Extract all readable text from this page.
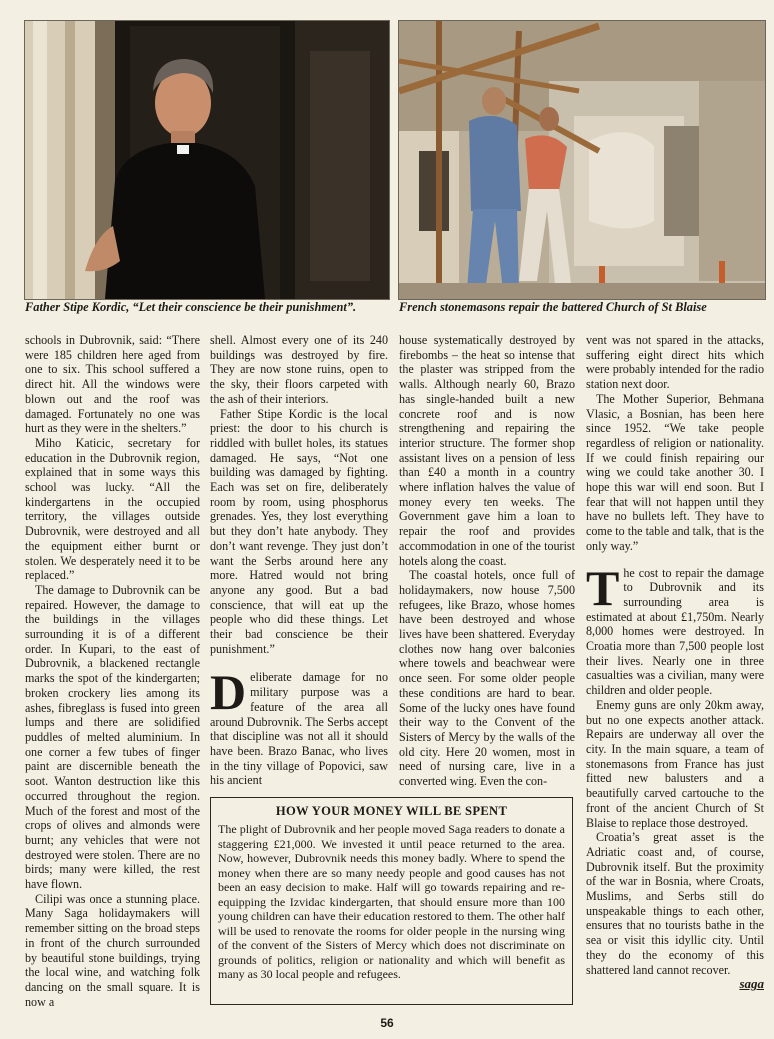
Father Stipe Kordic, “Let their conscience be their punishment”.	French stonemasons repair the battered Church of St Blaise

schools in Dubrovnik, said: “There were 185 children here aged from one to six. This school suffered a direct hit. All the windows were blown out and the roof was damaged. Fortunately no one was hurt as they were in the shelters.”

Miho Katicic, secretary for education in the Dubrovnik region, explained that in some ways this school was lucky. “All the kindergartens in the occupied territory, the villages outside Dubrovnik, were destroyed and all the equipment either burnt or stolen. We desperately need it to be replaced.”

The damage to Dubrovnik can be repaired. However, the damage to the buildings in the villages surrounding it is of a different order. In Kupari, to the east of Dubrovnik, a blackened rectangle marks the spot of the kindergarten; broken crockery lies among its ashes, fibreglass is fused into green lumps and there are solidified puddles of melted aluminium. In one corner a few tubes of finger paint are discernible beneath the soot. Wanton destruction like this occurred throughout the region. Much of the forest and most of the crops of olives and almonds were burnt; any vehicles that were not destroyed were stolen. There are no birds; many were killed, the rest have flown.

Cilipi was once a stunning place. Many Saga holidaymakers will remember sitting on the broad steps in front of the church surrounded by beautiful stone buildings, trying the local wine, and watching folk dancing on the small square. It is now a

shell. Almost every one of its 240 buildings was destroyed by fire. They are now stone ruins, open to the sky, their floors carpeted with the ash of their interiors.

Father Stipe Kordic is the local priest: the door to his church is riddled with bullet holes, its statues damaged. He says, “Not one building was damaged by fighting. Each was set on fire, deliberately room by room, using phosphorus grenades. Yes, they lost everything but they don’t hate anybody. They don’t want revenge. They just don’t want the Serbs around here any more. Hatred would not bring anyone any good. But a bad conscience, that will eat up the people who did these things. Let their bad conscience be their punishment.”

Deliberate damage for no military purpose was a feature of the area all around Dubrovnik. The Serbs accept that discipline was not all it should have been. Brazo Banac, who lives in the tiny village of Popovici, saw his ancient

house systematically destroyed by firebombs – the heat so intense that the plaster was stripped from the walls. Although nearly 60, Brazo has single-handed built a new concrete roof and is now strengthening and repairing the interior structure. The former shop assistant lives on a pension of less than £40 a month in a country where inflation halves the value of money every ten weeks. The Government gave him a loan to repair the roof and provides accommodation in one of the tourist hotels along the coast.

The coastal hotels, once full of holidaymakers, now house 7,500 refugees, like Brazo, whose homes have been destroyed and whose lives have been shattered. Everyday clothes now hang over balconies where towels and beachwear were once seen. For some older people these conditions are hard to bear. Some of the lucky ones have found their way to the Convent of the Sisters of Mercy by the walls of the old city. Here 20 women, most in need of nursing care, live in a converted wing. Even the con-

vent was not spared in the attacks, suffering eight direct hits which were probably intended for the radio station next door.

The Mother Superior, Behmana Vlasic, a Bosnian, has been here since 1952. “We take people regardless of religion or nationality. If we could finish repairing our wing we could take another 30. I hope this war will end soon. But I fear that will not happen until they have no bullets left. They have to come to the table and talk, that is the only way.”

The cost to repair the damage to Dubrovnik and its surrounding area is estimated at about £1,750m. Nearly 8,000 homes were destroyed. In Croatia more than 7,500 people lost their lives. Nearly one in three casualties was a civilian, many were children and older people.

Enemy guns are only 20km away, but no one expects another attack. Repairs are underway all over the city. In the main square, a team of stonemasons from France has just fitted new balusters and a beautifully carved cartouche to the front of the ancient Church of St Blaise to replace those destroyed.

Croatia’s great asset is the Adriatic coast and, of course, Dubrovnik itself. But the proximity of the war in Bosnia, where Croats, Muslims, and Serbs still do unspeakable things to each other, ensures that no tourists bathe in the sea or visit this idyllic city. Until they do the economy of this shattered land cannot recover.
saga

HOW YOUR MONEY WILL BE SPENT
The plight of Dubrovnik and her people moved Saga readers to donate a staggering £21,000. We invested it until peace returned to the area. Now, however, Dubrovnik needs this money badly. Where to spend the money when there are so many needy people and good causes has not been an easy decision to make. Half will go towards repairing and re-equipping the Izvidac kindergarten, that should ensure more than 100 young children can have their education restored to them. The other half will be used to renovate the rooms for older people in the nursing wing of the convent of the Sisters of Mercy which does not discriminate on grounds of politics, religion or nationality and which will benefit as many as 30 local people and refugees.
56
